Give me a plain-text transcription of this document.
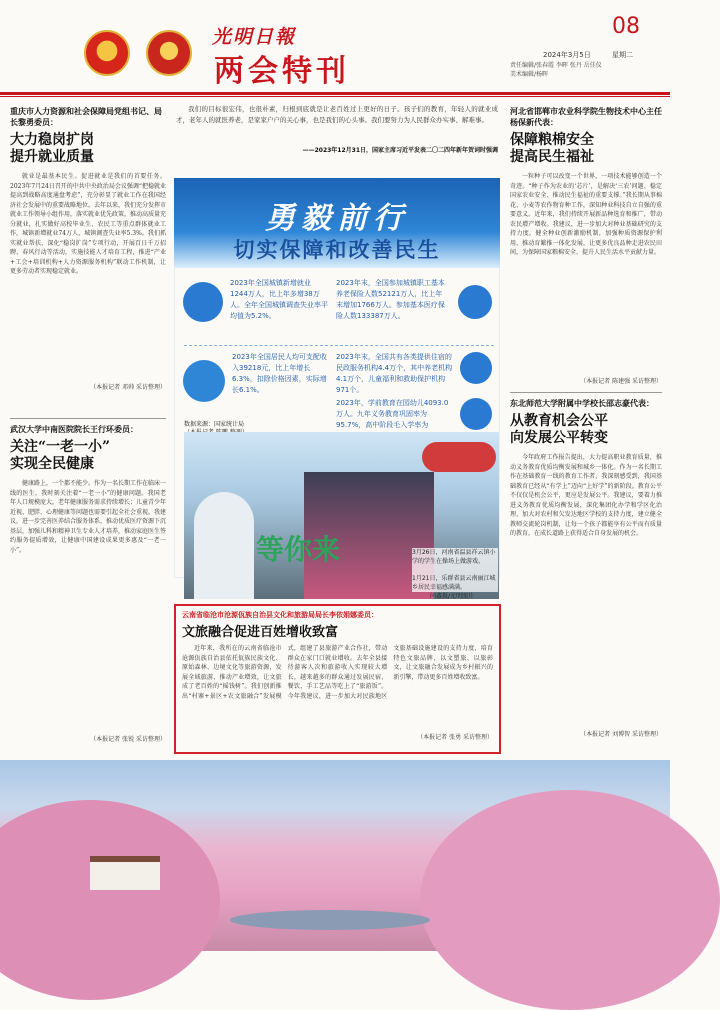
光明日報
两会特刊
08
2024年3月5日	星期二
责任编辑/张春霞 李晖 张丹 岳佳仪
美术编辑/杨晖
重庆市人力资源和社会保障局党组书记、局长黎勇委员：
大力稳岗扩岗
提升就业质量
就业是最基本民生。促进就业是我们的首要任务。2023年7月24日召开的中共中央政治局会议强调“把稳就业提高到战略高度通盘考虑”，充分彰显了就业工作在我国经济社会发展中的重要战略地位。去年以来，我们充分发挥市就业工作领导小组作用，落实就业优先政策，推动高质量充分就业，扎实做好高校毕业生、农民工等重点群体就业工作，城镇新增就业74万人，城镇调查失业率5.3%。我们抓实就业帮扶，深化“稳岗扩岗”专项行动，开展百日千万招聘、春风行动等活动，实施技能人才培育工程，推进“产业+工会+培训机构+人力资源服务机构”联动工作机制，让更多劳动者实现稳定就业。
（本报记者 邓帅 采访整理）
武汉大学中南医院院长王行环委员：
关注“一老一小”
实现全民健康
健康路上，一个都不能少。作为一名长期工作在临床一线的医生，我时刻关注着“一老一小”的健康问题。我国老年人口规模庞大，老年健康服务需求持续增长；儿童青少年近视、肥胖、心理健康等问题也需要引起全社会重视。我建议，进一步完善医养结合服务体系，推动优质医疗资源下沉基层，加强儿科和精神卫生专业人才培养，推动家庭医生签约服务提质增效，让健康中国建设成果更多惠及“一老一小”。
（本报记者 张锐 采访整理）
我们的目标很宏伟，也很朴素，归根到底就是让老百姓过上更好的日子。孩子们的教育，年轻人的就业成才，老年人的就医养老，是家家户户的关心事，也是我们的心头事。我们要努力为人民群众办实事、解难事。
——2023年12月31日，国家主席习近平发表二〇二四年新年贺词时强调
勇毅前行
切实保障和改善民生
2023年全国城镇新增就业1244万人，比上年多增38万人。全年全国城镇调查失业率平均值为5.2%。
2023年末，全国参加城镇职工基本养老保险人数52121万人，比上年末增加1766万人。参加基本医疗保险人数133387万人。
2023年全国居民人均可支配收入39218元，比上年增长6.3%，扣除价格因素，实际增长6.1%。
2023年末，全国共有各类提供住宿的民政服务机构4.4万个，其中养老机构4.1万个，儿童福利和救助保护机构971个。
2023年，学前教育在园幼儿4093.0万人。九年义务教育巩固率为95.7%，高中阶段毛入学率为
数据来源：国家统计局
等你来	3月26日，河南省温县祥云镇小学的学生在操场上做游戏。
1月21日，乐群省县云南丽江城乡居民幸福感满满。
闫鑫摄/光明图片
云南省临沧市沧源佤族自治县文化和旅游局局长李依娟娜委员：
文旅融合促进百姓增收致富
近年来，我所在的云南省临沧市沧源佤族自治县依托佤族民族文化、原始森林、边境文化等旅游资源，发展全域旅游，推动产业增效，让文旅成了老百姓的“摇钱树”。我们创新推出“村寨+景区+农文旅融合”发展模式，组建了县旅游产业合作社，带动群众在家门口就业增收。去年全县接待游客人次和旅游收入实现较大增长，越来越多的群众通过发展民宿、餐饮、手工艺品等吃上了“旅游饭”。今年我建议，进一步加大对民族地区文旅基础设施建设的支持力度，培育特色文旅品牌，以文塑旅、以旅彰文，让文旅融合发展成为乡村振兴的新引擎，带动更多百姓增收致富。
（本报记者 张勇 采访整理）
河北省邯郸市农业科学院生物技术中心主任杨保新代表：
保障粮棉安全
提高民生福祉
一粒种子可以改变一个世界，一项技术能够创造一个奇迹。“种子作为农业的‘芯片’，是解决‘三农’问题、稳定国家农业安全、推动民生福祉的重要支撑。”我长期从事棉花、小麦等农作物育种工作，深知种业科技自立自强的重要意义。近年来，我们持续开展新品种选育和推广，带动农民增产增收。我建议，进一步加大对种业基础研究的支持力度，健全种业创新激励机制，加强种质资源保护利用，推动育繁推一体化发展，让更多优良品种走进农民田间，为保障国家粮棉安全、提升人民生活水平贡献力量。
（本报记者 陈建强 采访整理）
东北师范大学附属中学校长邵志豪代表：
从教育机会公平
向发展公平转变
今年政府工作报告提出，大力提高职业教育质量，推动义务教育优质均衡发展和城乡一体化。作为一名长期工作在基础教育一线的教育工作者，我深刻感受到，我国基础教育已经从“有学上”迈向“上好学”的新阶段。教育公平不仅仅是机会公平，更应是发展公平。我建议，要着力推进义务教育优质均衡发展，深化集团化办学和学区化治理，加大对农村和欠发达地区学校的支持力度，建立健全教师交流轮岗机制，让每一个孩子都能享有公平而有质量的教育，在成长道路上获得适合自身发展的机会。
（本报记者 刘博智 采访整理）
